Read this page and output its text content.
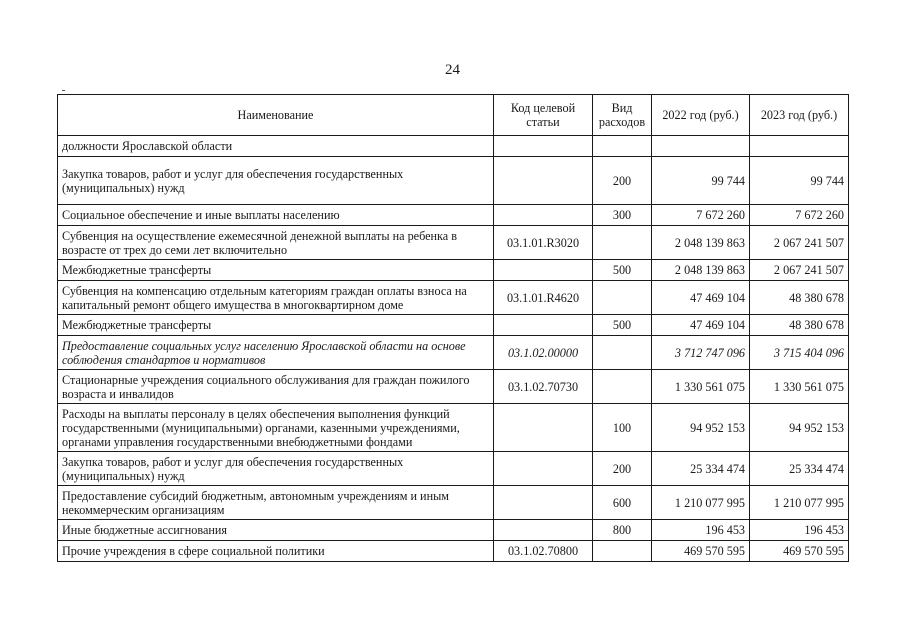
24
Наименование	Код целевой статьи	Вид расходов	2022 год (руб.)	2023 год (руб.)
должности Ярославской области				
Закупка товаров, работ и услуг для обеспечения государственных (муниципальных) нужд		200	99 744	99 744
Социальное обеспечение и иные выплаты населению		300	7 672 260	7 672 260
Субвенция на осуществление ежемесячной денежной выплаты на ребенка в возрасте от трех до семи лет включительно	03.1.01.R3020		2 048 139 863	2 067 241 507
Межбюджетные трансферты		500	2 048 139 863	2 067 241 507
Субвенция на компенсацию отдельным категориям граждан оплаты взноса на капитальный ремонт общего имущества в многоквартирном доме	03.1.01.R4620		47 469 104	48 380 678
Межбюджетные трансферты		500	47 469 104	48 380 678
Предоставление социальных услуг населению Ярославской области на основе соблюдения стандартов и нормативов	03.1.02.00000		3 712 747 096	3 715 404 096
Стационарные учреждения социального обслуживания для граждан пожилого возраста и инвалидов	03.1.02.70730		1 330 561 075	1 330 561 075
Расходы на выплаты персоналу в целях обеспечения выполнения функций государственными (муниципальными) органами, казенными учреждениями, органами управления государственными внебюджетными фондами		100	94 952 153	94 952 153
Закупка товаров, работ и услуг для обеспечения государственных (муниципальных) нужд		200	25 334 474	25 334 474
Предоставление субсидий бюджетным, автономным учреждениям и иным некоммерческим организациям		600	1 210 077 995	1 210 077 995
Иные бюджетные ассигнования		800	196 453	196 453
Прочие учреждения в сфере социальной политики	03.1.02.70800		469 570 595	469 570 595
